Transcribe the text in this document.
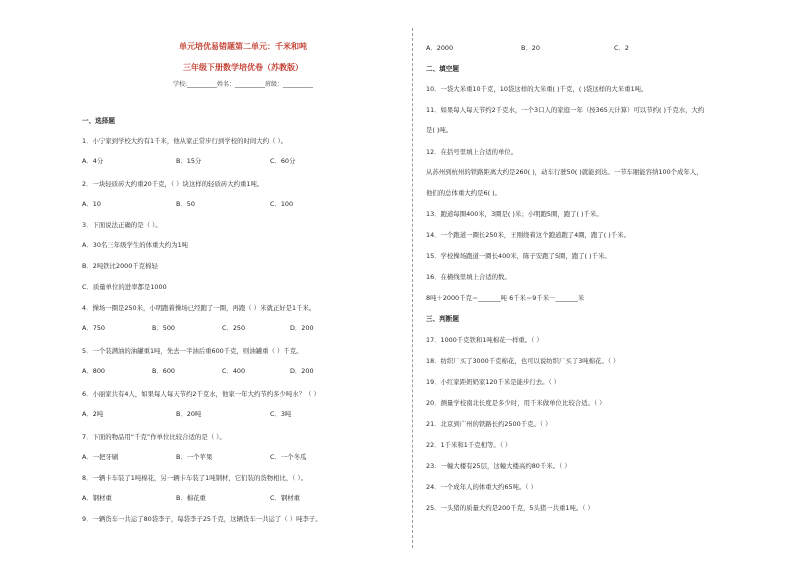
单元培优易错题第二单元：千米和吨
三年级下册数学培优卷（苏教版）
学校:__________姓名：__________班级：__________
一、选择题
1．小宁家到学校大约有1千米，他从家正常步行到学校的时间大约（ ）。
A．4分	B．15分	C．60分
2．一块轻质砖大约重20千克，（ ）块这样的轻质砖大约重1吨。
A．10	B．50	C．100
3．下面说法正确的是（ ）。
A．30名三年级学生的体重大约为1吨
B．2吨铁比2000千克棉轻
C．质量单位的进率都是1000
4．操场一圈是250米，小明跑着操场已经跑了一圈，再跑（ ）米就正好是1千米。
A．750	B．500	C．250	D．200
5．一个装满油的油罐重1吨，先去一半油后重600千克，则油罐重（ ）千克。
A．800	B．600	C．400	D．200
6．小丽家共有4人，如果每人每天节约2千克水，他家一年大约节约多少吨水？（ ）
A．2吨	B．20吨	C．3吨
7．下面的物品用“千克”作单位比较合适的是（ ）。
A．一把牙刷	B．一个苹果	C．一个冬瓜
8．一辆卡车装了1吨棉花，另一辆卡车装了1吨钢材，它们装的货物相比，（ ）。
A．钢材重	B．棉花重	C．钢材重
9．一辆货车一共运了80袋李子，每袋李子25千克，这辆货车一共运了（ ）吨李子。
A．2000	B．20	C．2
二、填空题
10．一袋大米重10千克，10袋这样的大米重( )千克，( )袋这样的大米重1吨。
11．如果每人每天节约2千克水，一个3口人的家庭一年（按365天计算）可以节约( )千克水，大约
是( )吨。
12．在括号里填上合适的单位。
从苏州到杭州的铁路距离大约是260( )，动车行驶50( )就能到达。一节车厢能容纳100个成年人，
他们的总体重大约是6( )。
13．跑道每圈400米，3圈是( )米；小明跑5圈，跑了( )千米。
14．一个跑道一圈长250米，王刚绕着这个跑道跑了4圈，跑了( )千米。
15．学校操场跑道一圈长400米，陈子安跑了5圈，跑了( )千米。
16．在横线里填上合适的数。
8吨＋2000千克＝_______吨 6千米＝9千米－_______米
三、判断题
17．1000千克铁和1吨棉花一样重。（ ）
18．纺织厂买了3000千克棉花，也可以说纺织厂买了3吨棉花。（ ）
19．小红家距奶奶家120千米是能步行去。（ ）
20．测量学校南北长度是多少时，用千米做单位比较合适。（ ）
21．北京到广州的铁路长约2500千克。（ ）
22．1千米和1千克相等。（ ）
23．一幢大楼有25层，这幢大楼高约80千米。（ ）
24．一个成年人的体重大约65吨。（ ）
25．一头猪的质量大约是200千克，5头猪一共重1吨。（ ）
